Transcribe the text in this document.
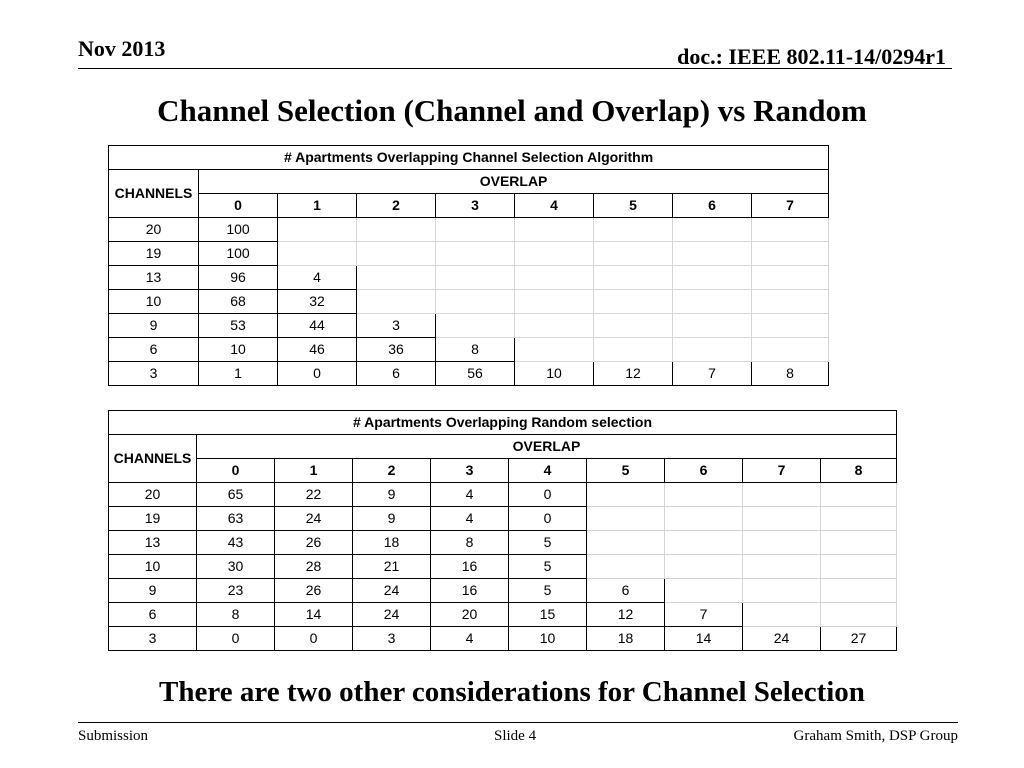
Nov 2013	doc.: IEEE 802.11-14/0294r1
Channel Selection (Channel and Overlap) vs Random
# Apartments Overlapping Channel Selection Algorithm								
CHANNELS	OVERLAP							
	0	1	2	3	4	5	6	7
20	100							
19	100							
13	96	4						
10	68	32						
9	53	44	3					
6	10	46	36	8				
3	1	0	6	56	10	12	7	8
# Apartments Overlapping Random selection									
CHANNELS	OVERLAP								
	0	1	2	3	4	5	6	7	8
20	65	22	9	4	0				
19	63	24	9	4	0				
13	43	26	18	8	5				
10	30	28	21	16	5				
9	23	26	24	16	5	6			
6	8	14	24	20	15	12	7		
3	0	0	3	4	10	18	14	24	27
There are two other considerations for Channel Selection
Submission	Slide 4	Graham Smith, DSP Group
